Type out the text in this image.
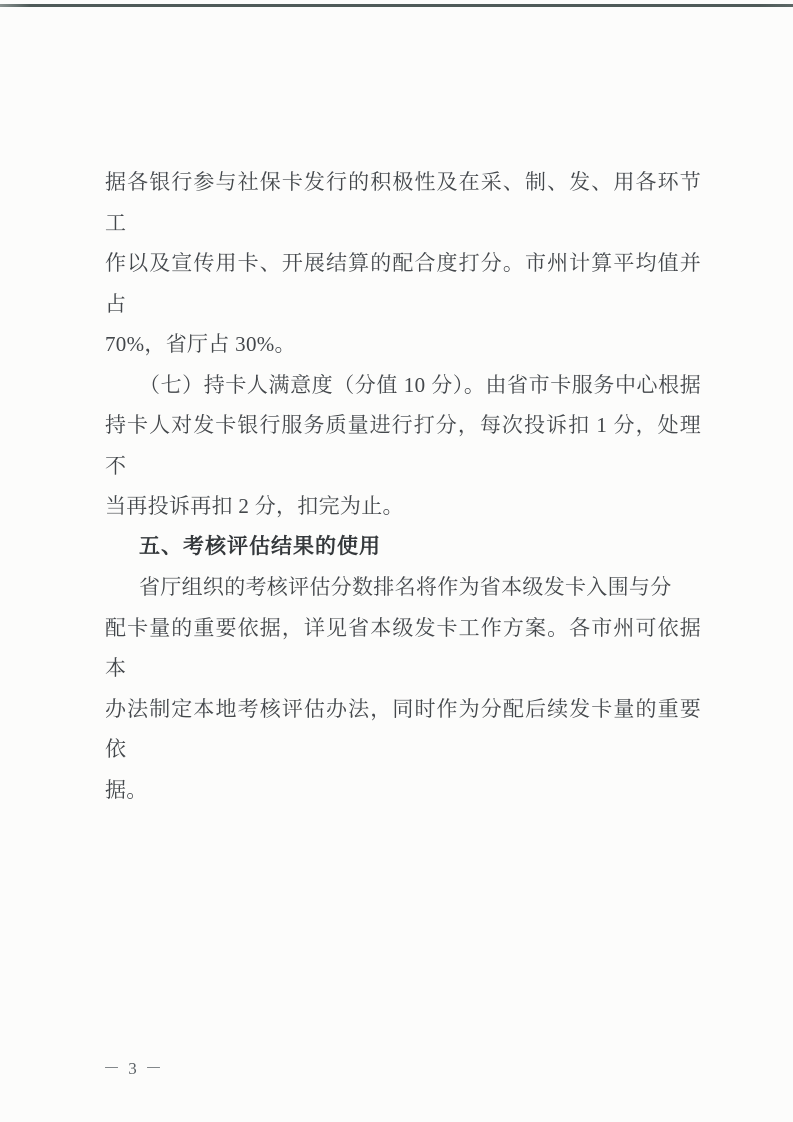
据各银行参与社保卡发行的积极性及在采、制、发、用各环节工

作以及宣传用卡、开展结算的配合度打分。市州计算平均值并占

70%，省厅占 30%。

（七）持卡人满意度（分值 10 分）。由省市卡服务中心根据

持卡人对发卡银行服务质量进行打分，每次投诉扣 1 分，处理不

当再投诉再扣 2 分，扣完为止。

五、考核评估结果的使用

省厅组织的考核评估分数排名将作为省本级发卡入围与分

配卡量的重要依据，详见省本级发卡工作方案。各市州可依据本

办法制定本地考核评估办法，同时作为分配后续发卡量的重要依

据。

－ 3 －
